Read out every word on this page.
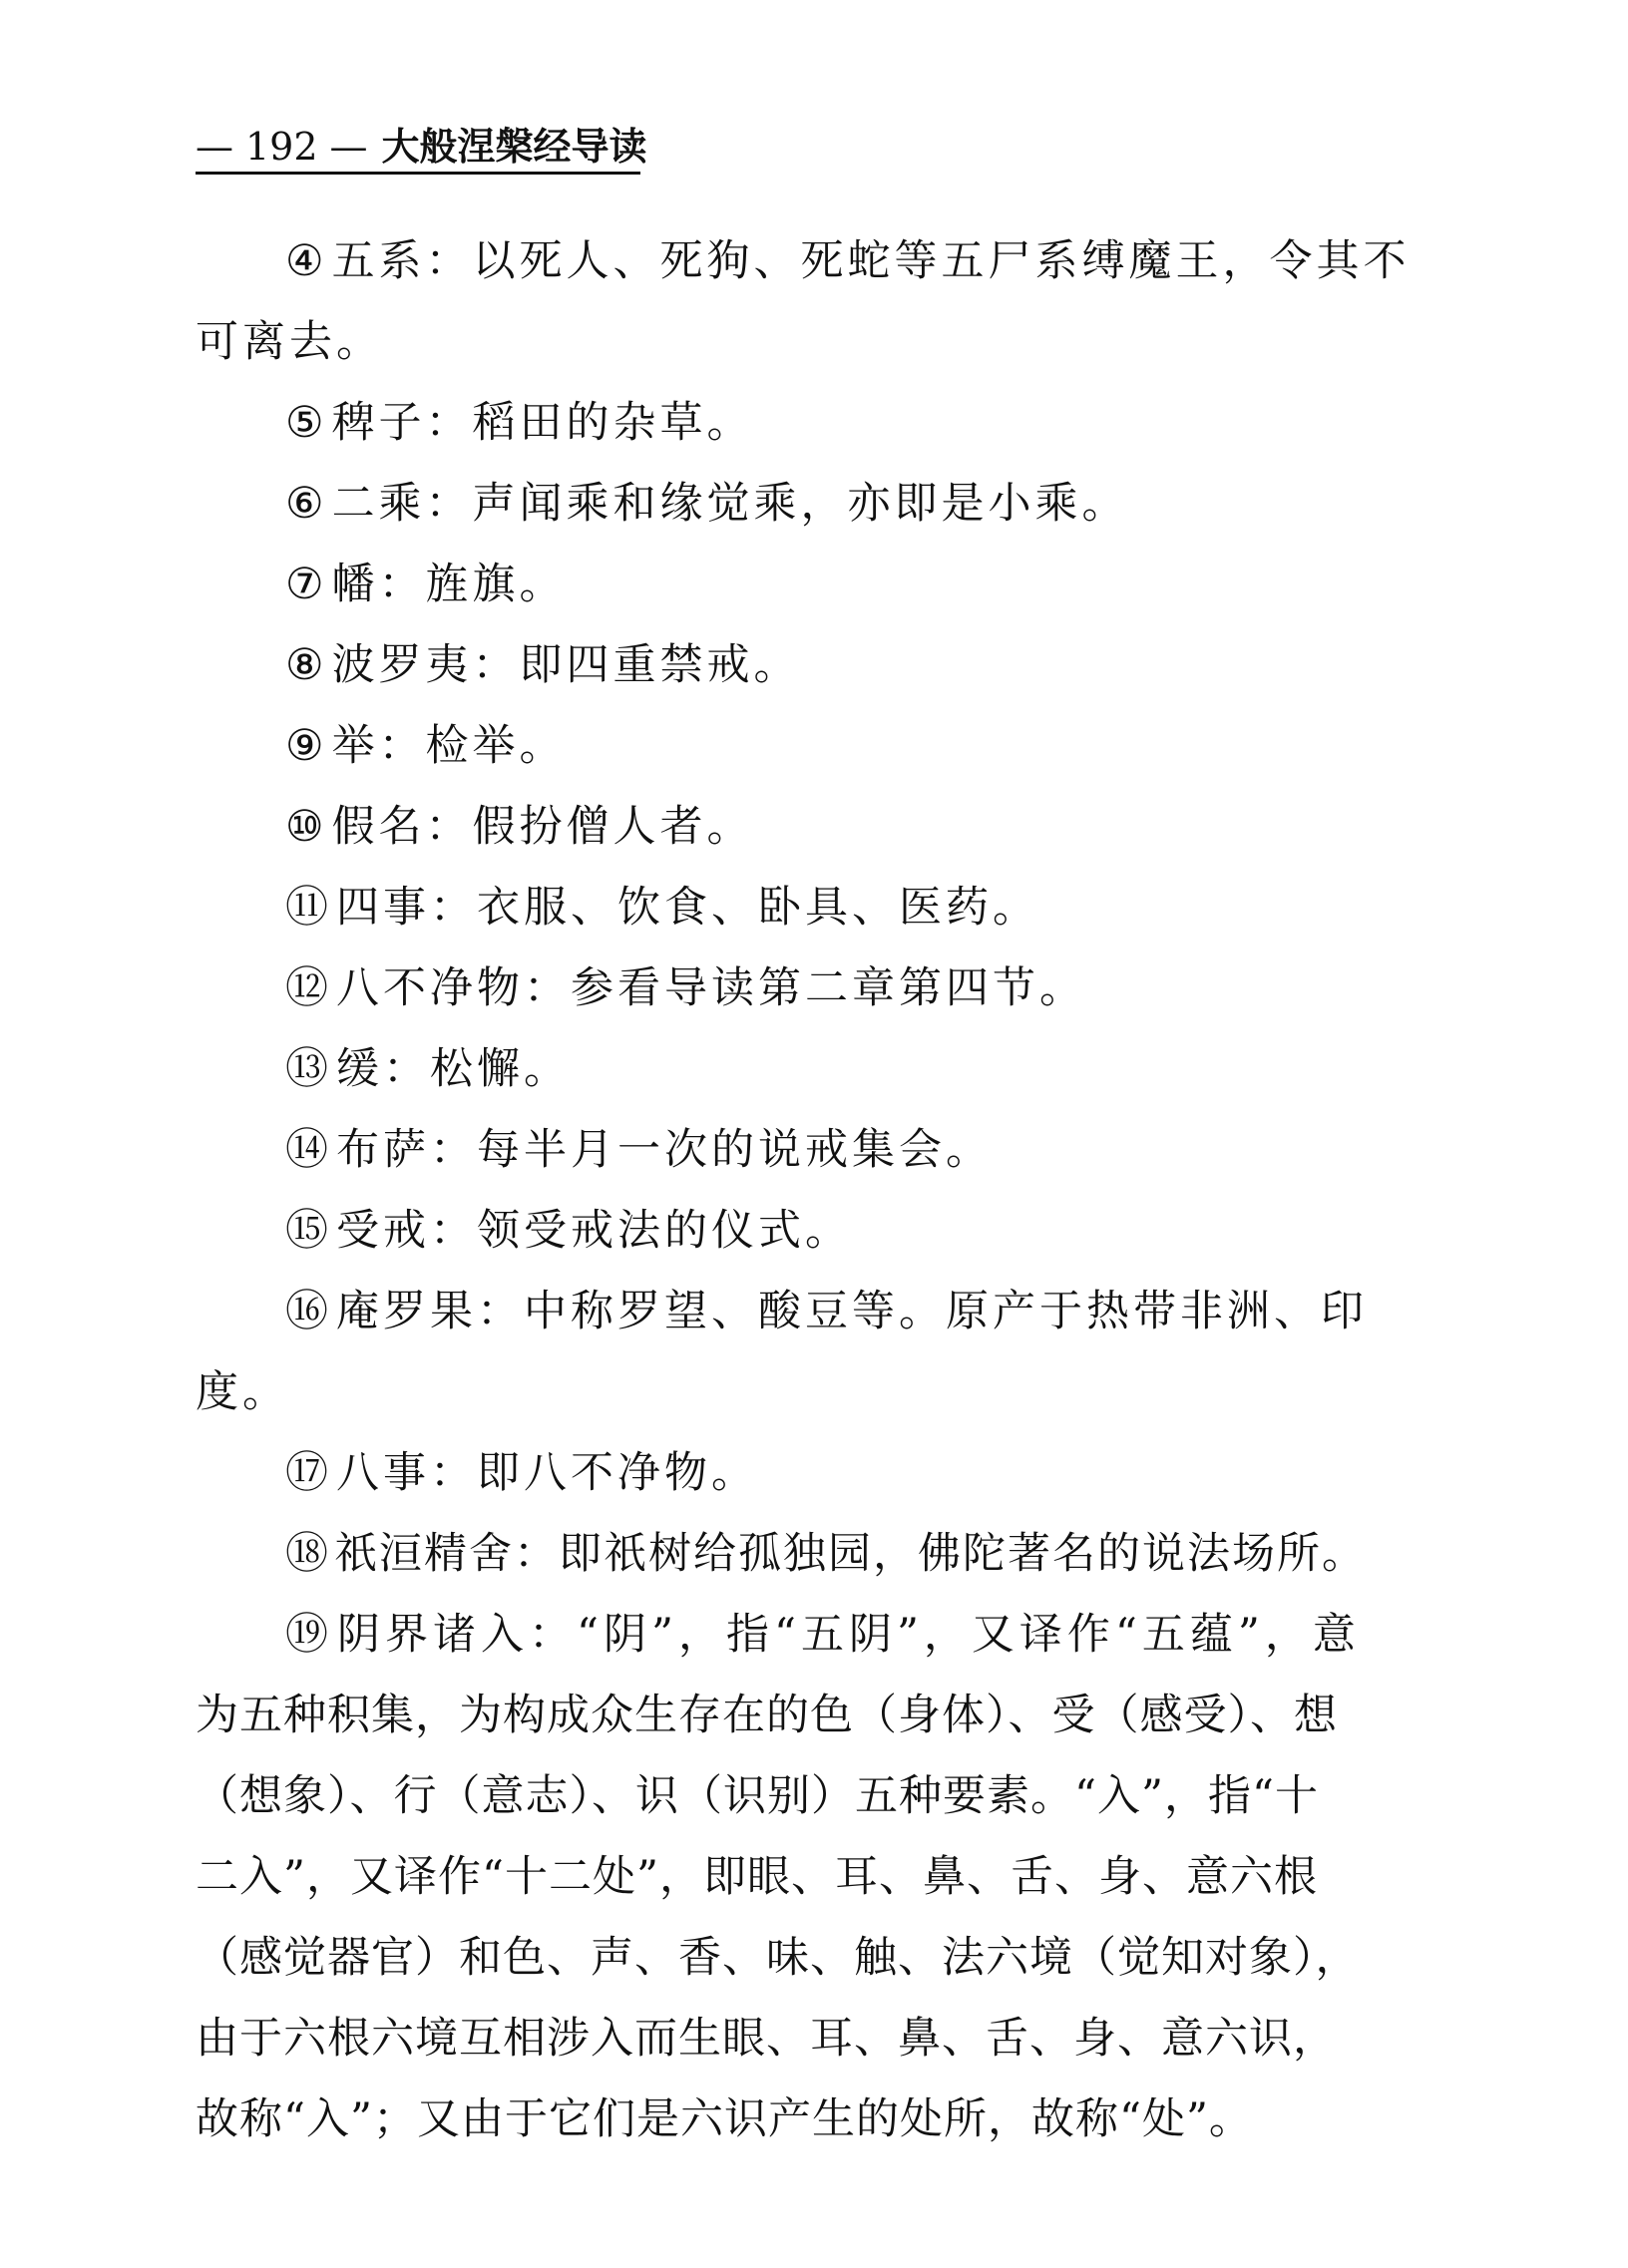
— 192 — 大般涅槃经导读

④五系：以死人、死狗、死蛇等五尸系缚魔王，令其不

可离去。

⑤稗子：稻田的杂草。

⑥二乘：声闻乘和缘觉乘，亦即是小乘。

⑦幡：旌旗。

⑧波罗夷：即四重禁戒。

⑨举：检举。

⑩假名：假扮僧人者。

⑪四事：衣服、饮食、卧具、医药。

⑫八不净物：参看导读第二章第四节。

⑬缓：松懈。

⑭布萨：每半月一次的说戒集会。

⑮受戒：领受戒法的仪式。

⑯庵罗果：中称罗望、酸豆等。原产于热带非洲、印

度。

⑰八事：即八不净物。

⑱祇洹精舍：即祇树给孤独园，佛陀著名的说法场所。

⑲阴界诸入：“阴”，指“五阴”，又译作“五蕴”，意

为五种积集，为构成众生存在的色（身体）、受（感受）、想

（想象）、行（意志）、识（识别）五种要素。“入”，指“十

二入”，又译作“十二处”，即眼、耳、鼻、舌、身、意六根

（感觉器官）和色、声、香、味、触、法六境（觉知对象），

由于六根六境互相涉入而生眼、耳、鼻、舌、身、意六识，

故称“入”；又由于它们是六识产生的处所，故称“处”。
